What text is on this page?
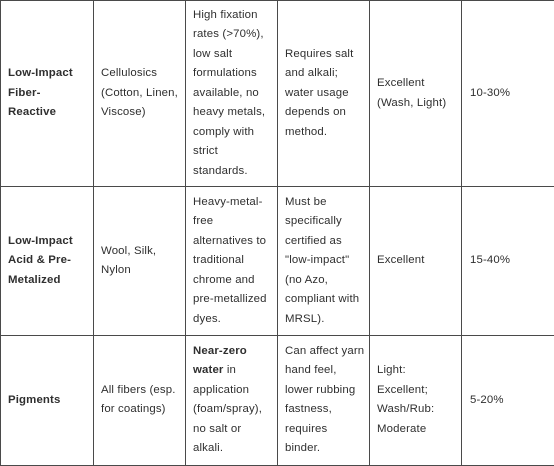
Low-Impact Fiber-Reactive	Cellulosics (Cotton, Linen, Viscose)	High fixation rates (>70%), low salt formulations available, no heavy metals, comply with strict standards.	Requires salt and alkali; water usage depends on method.	Excellent (Wash, Light)	10-30%
Low-Impact Acid & Pre-Metalized	Wool, Silk, Nylon	Heavy-metal-free alternatives to traditional chrome and pre-metallized dyes.	Must be specifically certified as "low-impact" (no Azo, compliant with MRSL).	Excellent	15-40%
Pigments	All fibers (esp. for coatings)	Near-zero water in application (foam/spray), no salt or alkali.	Can affect yarn hand feel, lower rubbing fastness, requires binder.	Light: Excellent; Wash/Rub: Moderate	5-20%
